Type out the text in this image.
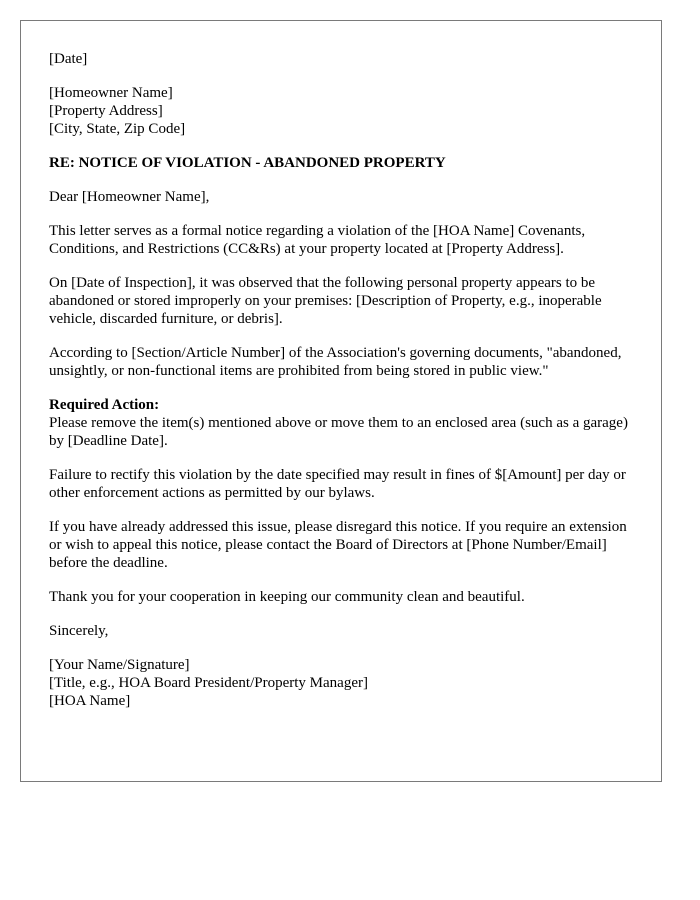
[Date]
[Homeowner Name]
[Property Address]
[City, State, Zip Code]
RE: NOTICE OF VIOLATION - ABANDONED PROPERTY
Dear [Homeowner Name],

This letter serves as a formal notice regarding a violation of the [HOA Name] Covenants, Conditions, and Restrictions (CC&Rs) at your property located at [Property Address].

On [Date of Inspection], it was observed that the following personal property appears to be abandoned or stored improperly on your premises: [Description of Property, e.g., inoperable vehicle, discarded furniture, or debris].

According to [Section/Article Number] of the Association's governing documents, "abandoned, unsightly, or non-functional items are prohibited from being stored in public view."

Required Action:

Please remove the item(s) mentioned above or move them to an enclosed area (such as a garage) by [Deadline Date].

Failure to rectify this violation by the date specified may result in fines of $[Amount] per day or other enforcement actions as permitted by our bylaws.

If you have already addressed this issue, please disregard this notice. If you require an extension or wish to appeal this notice, please contact the Board of Directors at [Phone Number/Email] before the deadline.

Thank you for your cooperation in keeping our community clean and beautiful.

Sincerely,
[Your Name/Signature]
[Title, e.g., HOA Board President/Property Manager]
[HOA Name]
